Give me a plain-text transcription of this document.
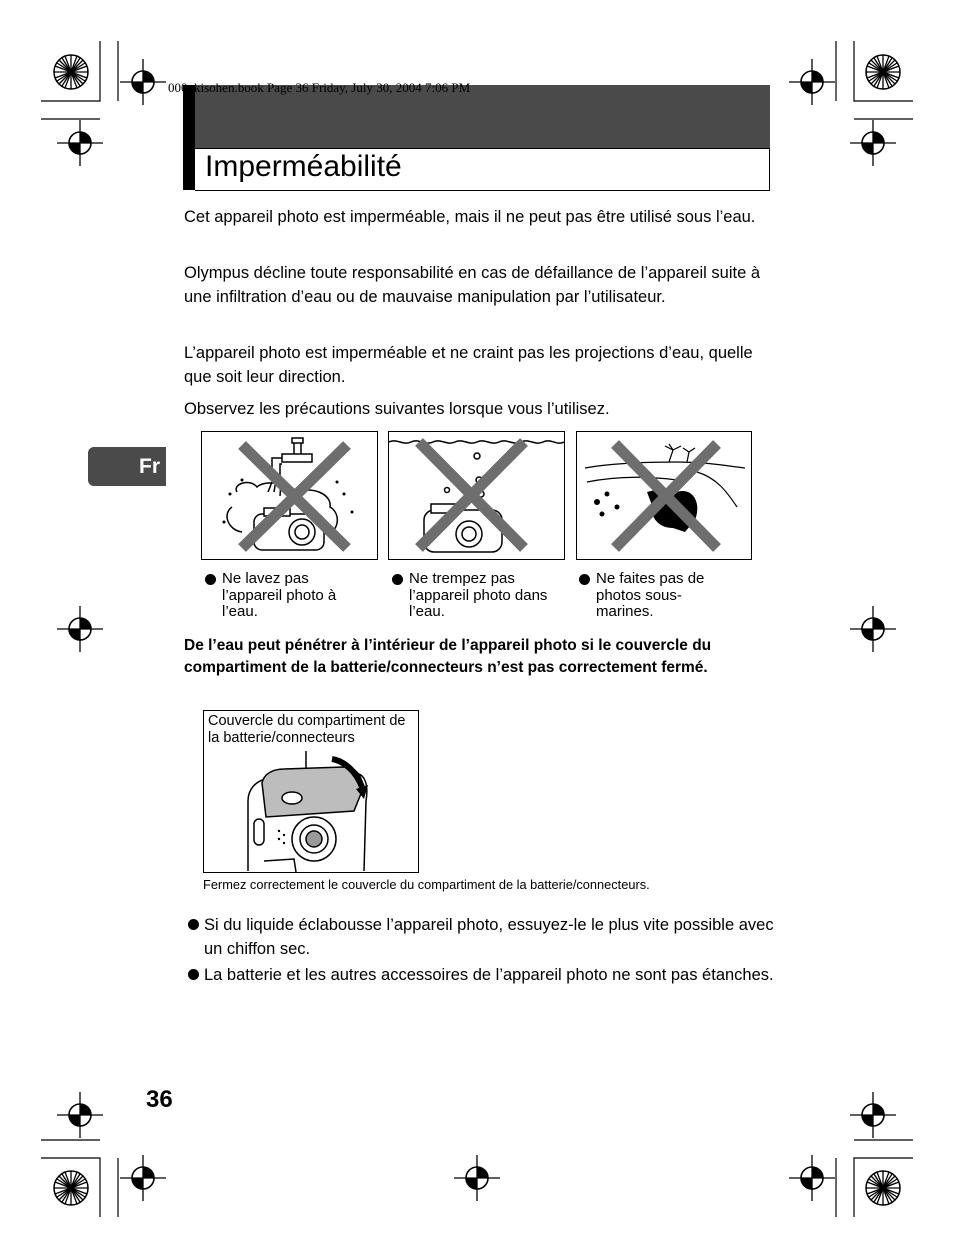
000_kisohen.book Page 36 Friday, July 30, 2004 7:06 PM
Imperméabilité
Cet appareil photo est imperméable, mais il ne peut pas être utilisé sous l’eau.
Olympus décline toute responsabilité en cas de défaillance de l’appareil suite à une infiltration d’eau ou de mauvaise manipulation par l’utilisateur.
L’appareil photo est imperméable et ne craint pas les projections d’eau, quelle que soit leur direction.
Observez les précautions suivantes lorsque vous l’utilisez.
Fr
Ne lavez pas l’appareil photo à l’eau.
Ne trempez pas l’appareil photo dans l’eau.
Ne faites pas de photos sous-marines.
De l’eau peut pénétrer à l’intérieur de l’appareil photo si le couvercle du compartiment de la batterie/connecteurs n’est pas correctement fermé.
Couvercle du compartiment de la batterie/connecteurs
Fermez correctement le couvercle du compartiment de la batterie/connecteurs.
Si du liquide éclabousse l’appareil photo, essuyez-le le plus vite possible avec un chiffon sec.
La batterie et les autres accessoires de l’appareil photo ne sont pas étanches.
36
